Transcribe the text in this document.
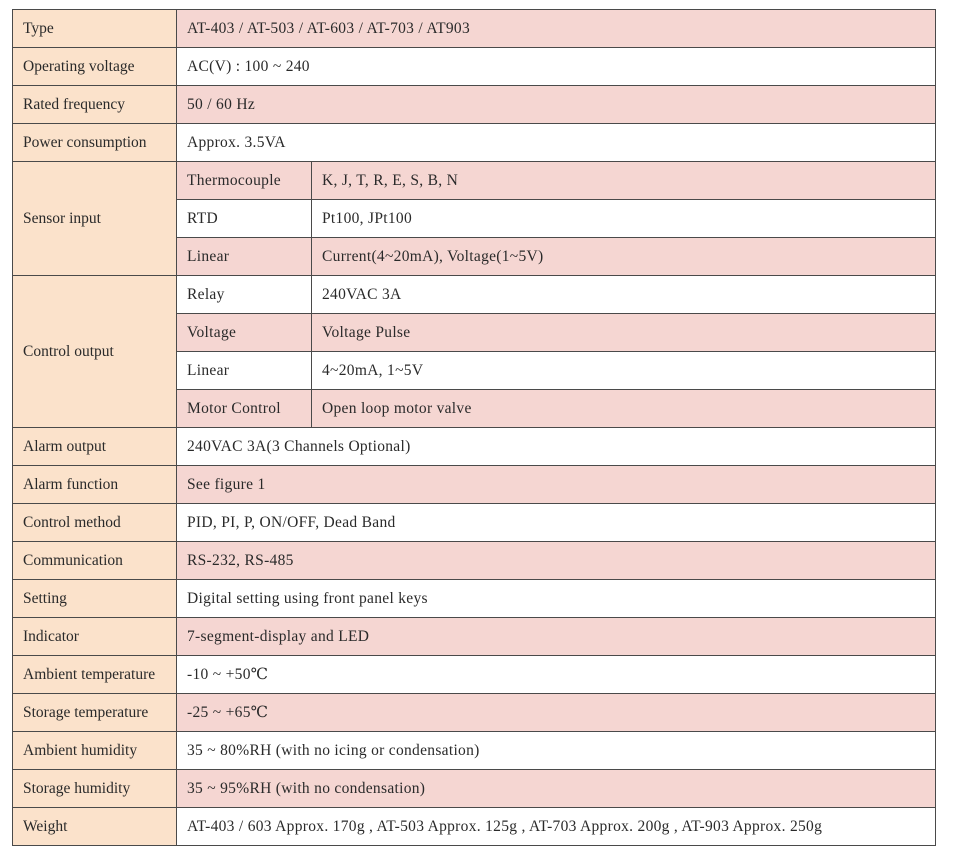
Type	AT-403 / AT-503 / AT-603 / AT-703 / AT903	
Operating voltage	AC(V) : 100 ~ 240	
Rated frequency	50 / 60 Hz	
Power consumption	Approx. 3.5VA	
Sensor input	Thermocouple	K, J, T, R, E, S, B, N
	RTD	Pt100, JPt100
	Linear	Current(4~20mA), Voltage(1~5V)
Control output	Relay	240VAC 3A
	Voltage	Voltage Pulse
	Linear	4~20mA, 1~5V
	Motor Control	Open loop motor valve
Alarm output	240VAC 3A(3 Channels Optional)	
Alarm function	See figure 1	
Control method	PID, PI, P, ON/OFF, Dead Band	
Communication	RS-232, RS-485	
Setting	Digital setting using front panel keys	
Indicator	7-segment-display and LED	
Ambient temperature	-10 ~ +50℃	
Storage temperature	-25 ~ +65℃	
Ambient humidity	35 ~ 80%RH (with no icing or condensation)	
Storage humidity	35 ~ 95%RH (with no condensation)	
Weight	AT-403 / 603 Approx. 170g , AT-503 Approx. 125g , AT-703 Approx. 200g , AT-903 Approx. 250g	
